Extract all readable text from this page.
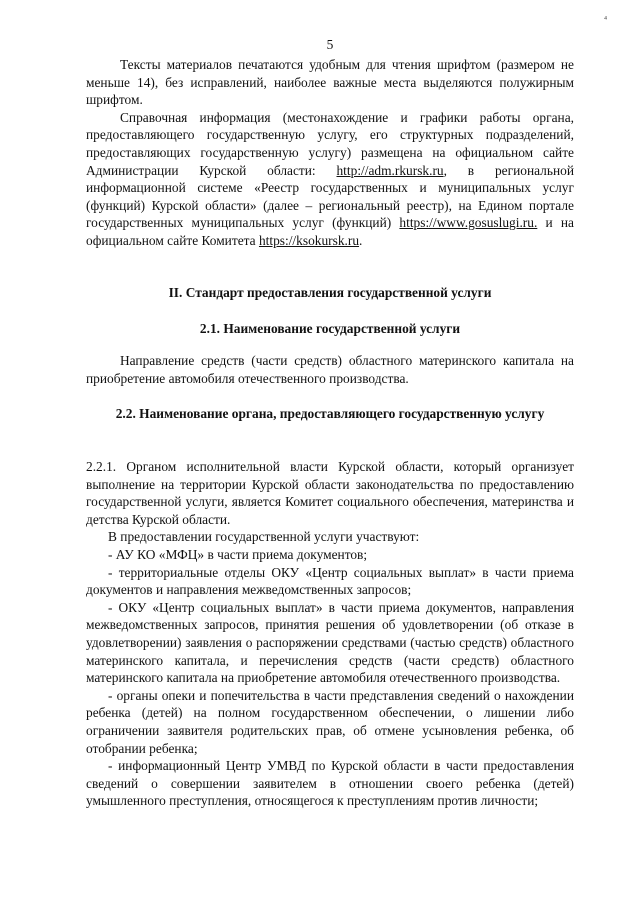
⁴
5

Тексты материалов печатаются удобным для чтения шрифтом (размером не меньше 14), без исправлений, наиболее важные места выделяются полужирным шрифтом.

Справочная информация (местонахождение и графики работы органа, предоставляющего государственную услугу, его структурных подразделений, предоставляющих государственную услугу) размещена на официальном сайте Администрации Курской области: http://adm.rkursk.ru, в региональной информационной системе «Реестр государственных и муниципальных услуг (функций) Курской области» (далее – региональный реестр), на Едином портале государственных муниципальных услуг (функций) https://www.gosuslugi.ru. и на официальном сайте Комитета https://ksokursk.ru.

II. Стандарт предоставления государственной услуги

2.1. Наименование государственной услуги

Направление средств (части средств) областного материнского капитала на приобретение автомобиля отечественного производства.

2.2. Наименование органа, предоставляющего государственную услугу

2.2.1. Органом исполнительной власти Курской области, который организует выполнение на территории Курской области законодательства по предоставлению государственной услуги, является Комитет социального обеспечения, материнства и детства Курской области.

В предоставлении государственной услуги участвуют:

- АУ КО «МФЦ» в части приема документов;

- территориальные отделы ОКУ «Центр социальных выплат» в части приема документов и направления межведомственных запросов;

- ОКУ «Центр социальных выплат» в части приема документов, направления межведомственных запросов, принятия решения об удовлетворении (об отказе в удовлетворении) заявления о распоряжении средствами (частью средств) областного материнского капитала, и перечисления средств (части средств) областного материнского капитала на приобретение автомобиля отечественного производства.

- органы опеки и попечительства в части представления сведений о нахождении ребенка (детей) на полном государственном обеспечении, о лишении либо ограничении заявителя родительских прав, об отмене усыновления ребенка, об отобрании ребенка;

- информационный Центр УМВД по Курской области в части предоставления сведений о совершении заявителем в отношении своего ребенка (детей) умышленного преступления, относящегося к преступлениям против личности;
